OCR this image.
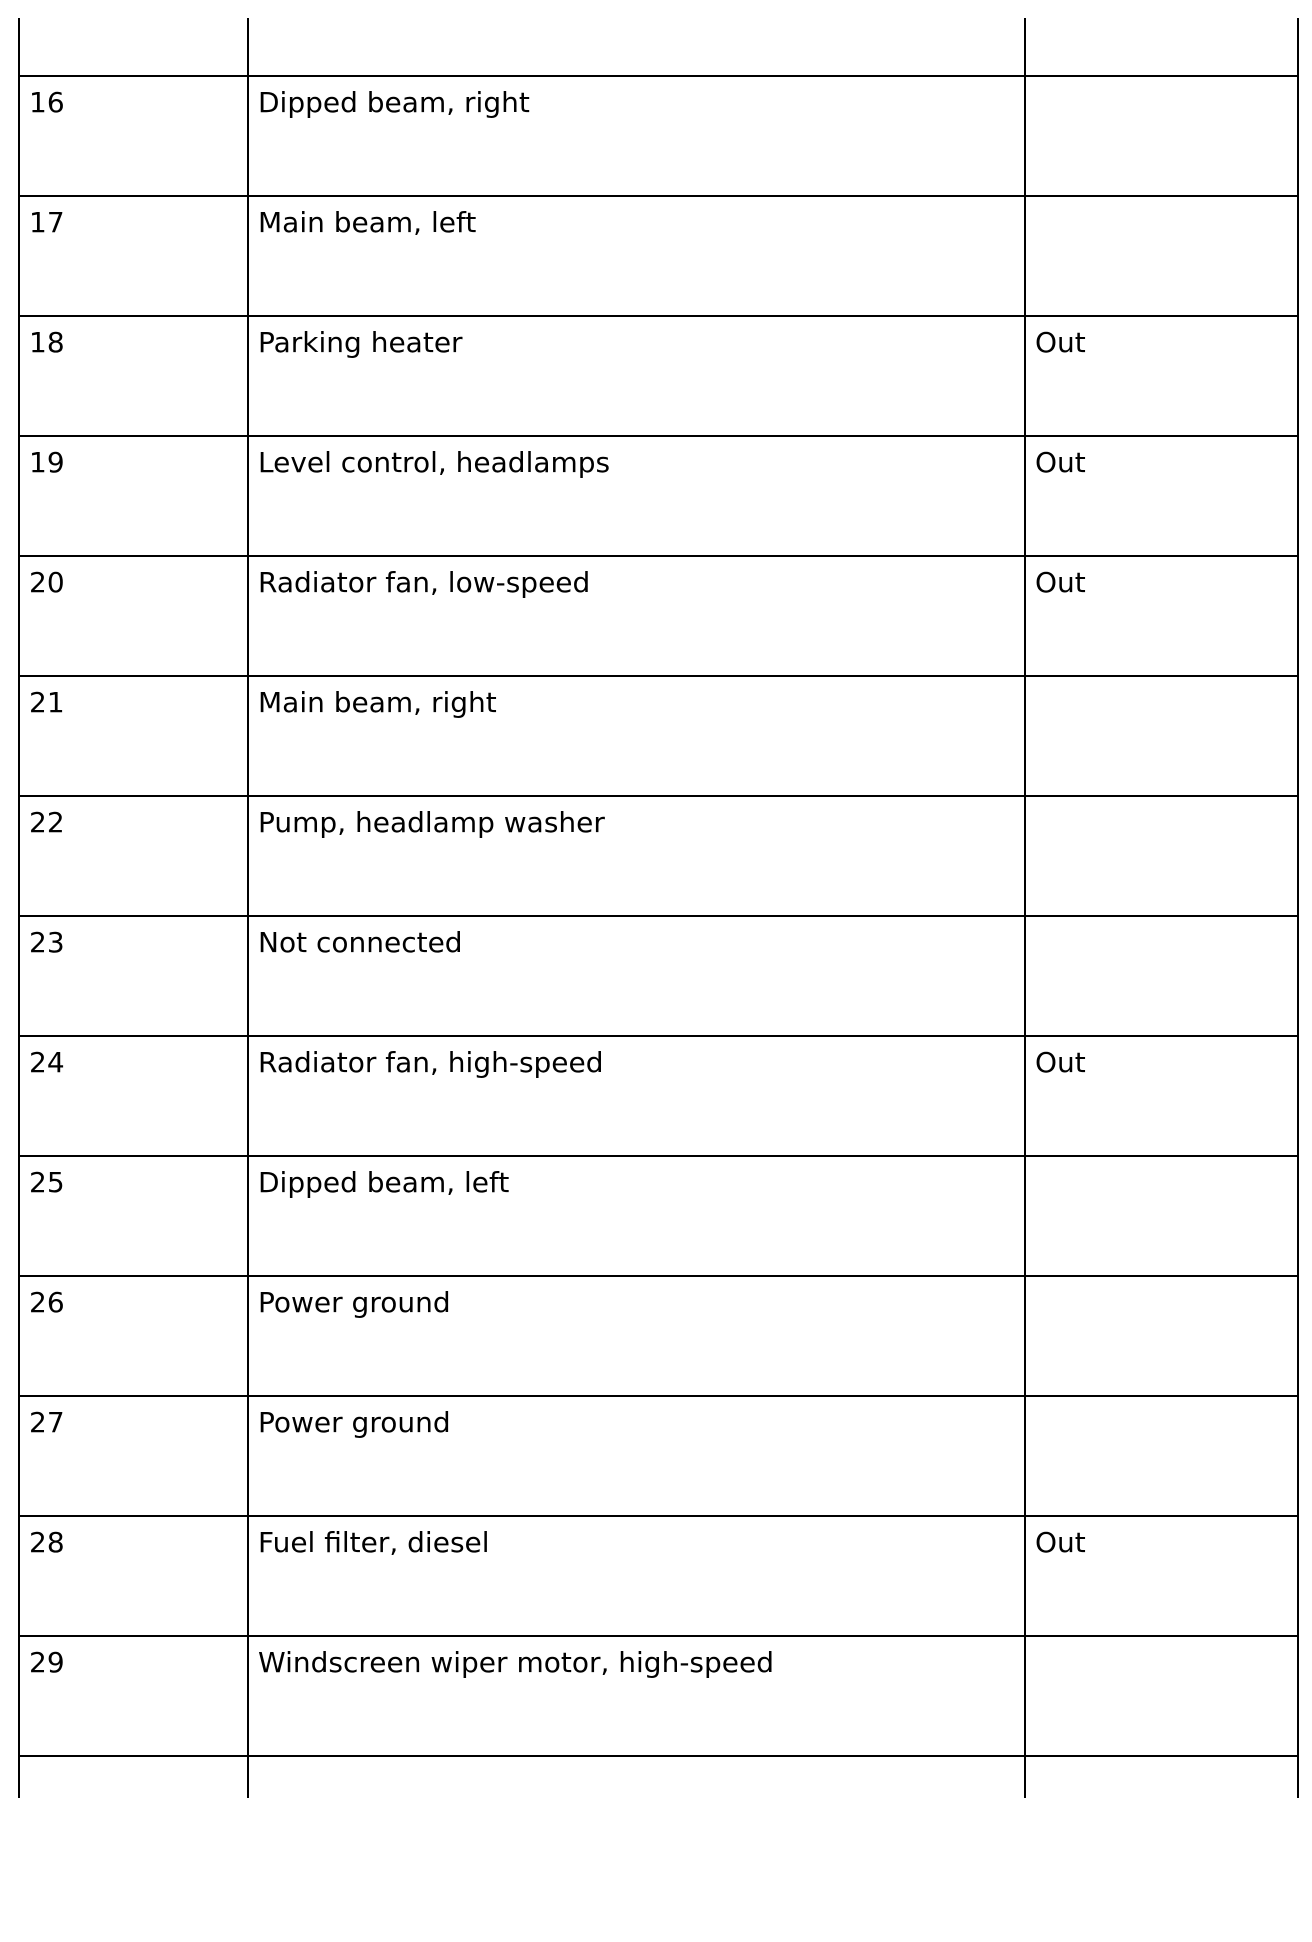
16	Dipped beam, right	
17	Main beam, left	
18	Parking heater	Out
19	Level control, headlamps	Out
20	Radiator fan, low-speed	Out
21	Main beam, right	
22	Pump, headlamp washer	
23	Not connected	
24	Radiator fan, high-speed	Out
25	Dipped beam, left	
26	Power ground	
27	Power ground	
28	Fuel filter, diesel	Out
29	Windscreen wiper motor, high-speed	
